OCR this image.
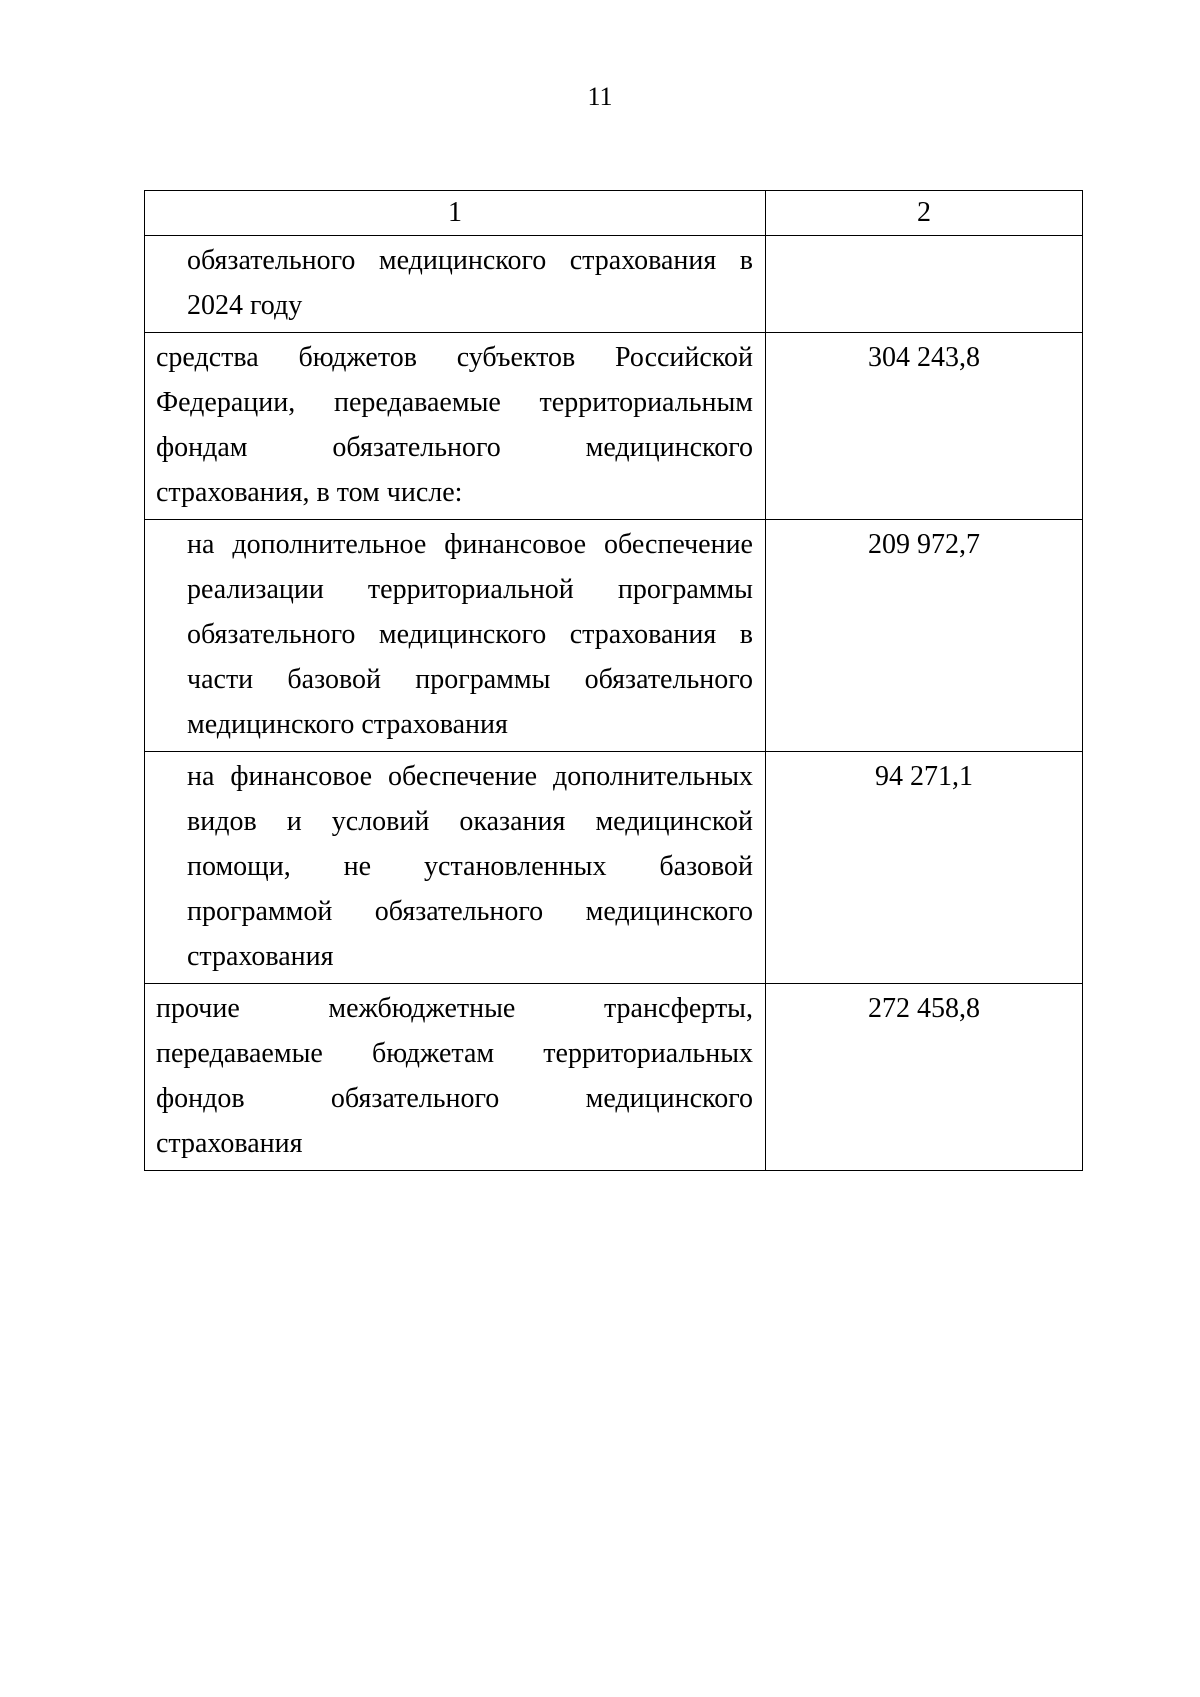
11
1	2

обязательного медицинского страхования в
2024 году	

средства бюджетов субъектов Российской
Федерации, передаваемые территориальным
фондам обязательного медицинского
страхования, в том числе:	304 243,8

на дополнительное финансовое обеспечение
реализации территориальной программы
обязательного медицинского страхования в
части базовой программы обязательного
медицинского страхования	209 972,7

на финансовое обеспечение дополнительных
видов и условий оказания медицинской
помощи, не установленных базовой
программой обязательного медицинского
страхования	94 271,1

прочие межбюджетные трансферты,
передаваемые бюджетам территориальных
фондов обязательного медицинского
страхования	272 458,8
